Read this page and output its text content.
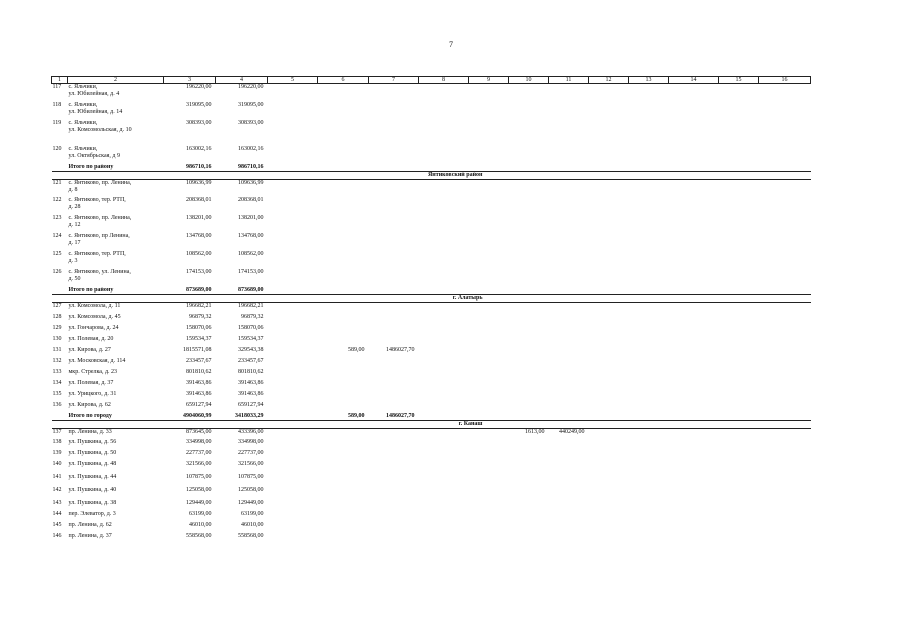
7
1	2	3	4	5	6	7	8	9	10	11	12	13	14	15	16
117	с. Яльчики,
ул. Юбилейная, д. 4	196220,00	196220,00												
118	с. Яльчики,
ул. Юбилейная, д. 14	319095,00	319095,00												
119	с. Яльчики,
ул. Комсомольская, д. 10	308393,00	308393,00												
120	с. Яльчики,
ул. Октябрьская, д 9	163002,16	163002,16												
	Итого по району	986710,16	986710,16												
Янтиковский район															
121	с. Янтиково, пр. Ленина,
д. 8	109636,99	109636,99												
122	с. Янтиково, тер. РТП,
д. 28	208368,01	208368,01												
123	с. Янтиково, пр. Ленина,
д. 12	138201,00	138201,00												
124	с. Янтиково, пр Ленина,
д. 17	134768,00	134768,00												
125	с. Янтиково, тер. РТП,
д. 3	108562,00	108562,00												
126	с. Янтиково, ул. Ленина,
д. 50	174153,00	174153,00												
	Итого по району	873689,00	873689,00												
г. Алатырь															
127	ул. Комсомола, д. 11	196682,21	196682,21												
128	ул. Комсомола, д. 45	96879,32	96879,32												
129	ул. Гончарова, д. 24	158070,06	158070,06												
130	ул. Полевая, д. 20	159534,37	159534,37												
131	ул. Кирова, д. 27	1815571,08	329543,38		589,00	1486027,70									
132	ул. Московская, д. 114	233457,67	233457,67												
133	мкр. Стрелка, д. 23	801810,62	801810,62												
134	ул. Полевая, д. 37	391463,86	391463,86												
135	ул. Урицкого, д. 31	391463,86	391463,86												
136	ул. Кирова, д. 62	659127,94	659127,94												
	Итого по городу	4904060,99	3418033,29		589,00	1486027,70									
г. Канаш															
137	пр. Ленина, д. 33	873645,00	433396,00						1613,00	440249,00					
138	ул. Пушкина, д. 56	334998,00	334998,00												
139	ул. Пушкина, д. 50	227737,00	227737,00												
140	ул. Пушкина, д. 48	321566,00	321566,00												
141	ул. Пушкина, д. 44	107875,00	107875,00												
142	ул. Пушкина, д. 40	125058,00	125058,00												
143	ул. Пушкина, д. 38	129449,00	129449,00												
144	пер. Элеватор, д. 3	63199,00	63199,00												
145	пр. Ленина, д. 62	46010,00	46010,00												
146	пр. Ленина, д. 37	558568,00	558568,00												
